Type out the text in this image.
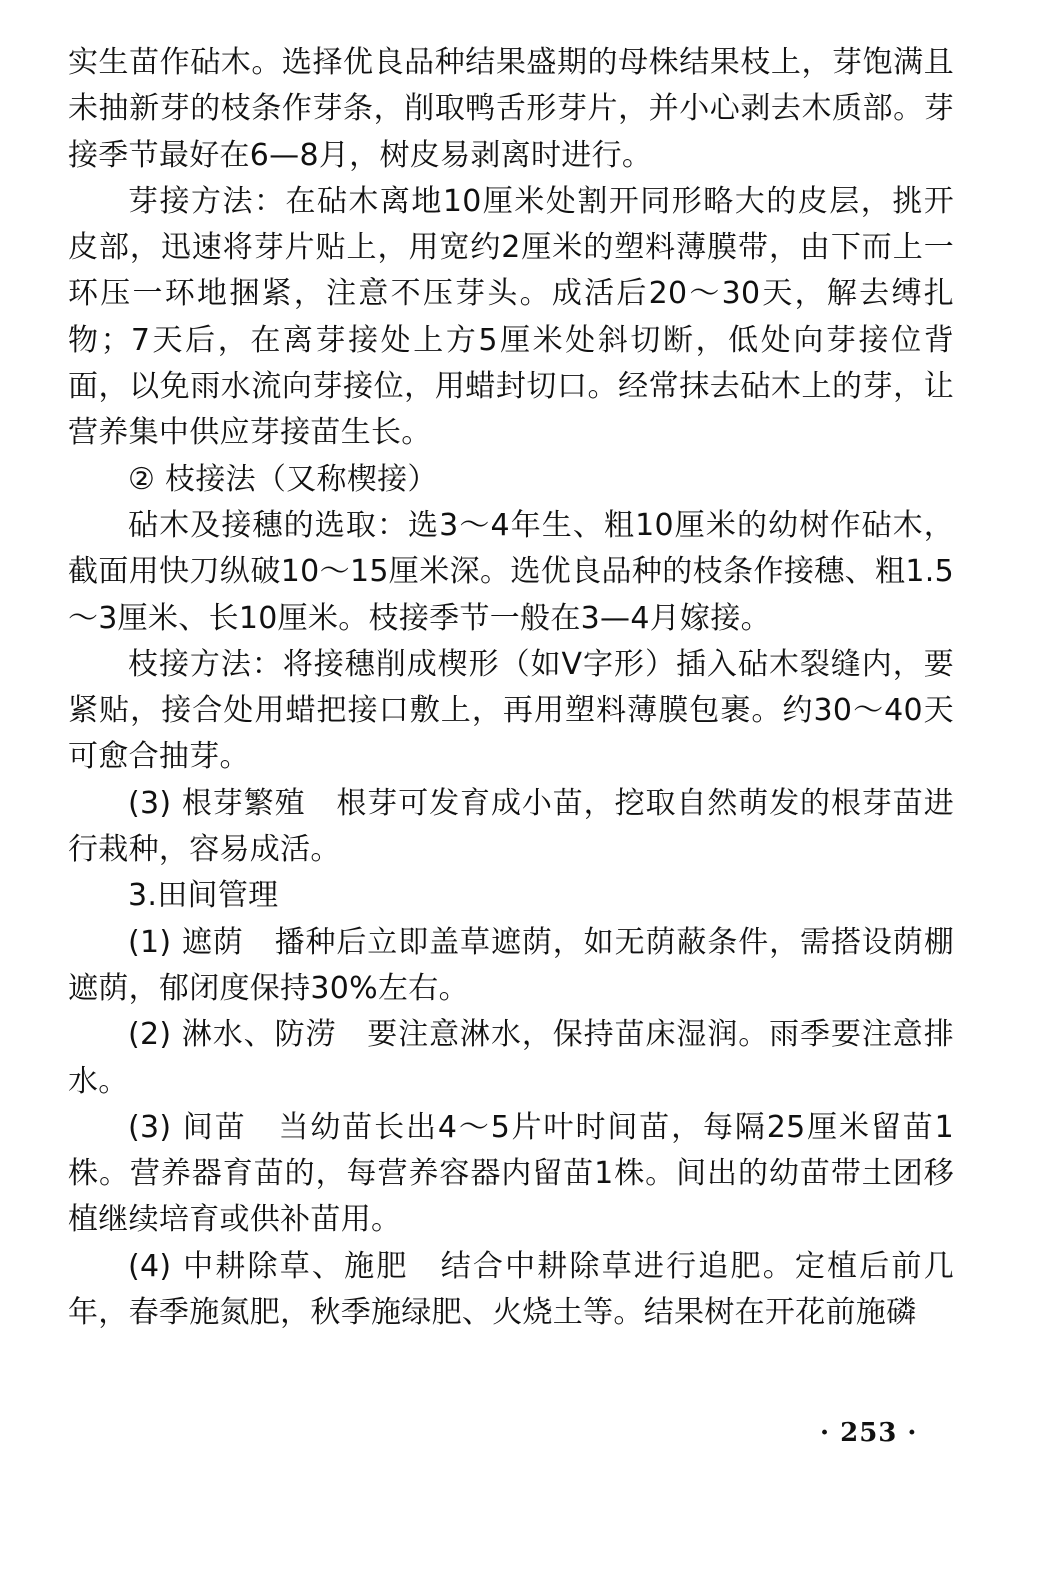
实生苗作砧木。选择优良品种结果盛期的母株结果枝上，芽饱满且未抽新芽的枝条作芽条，削取鸭舌形芽片，并小心剥去木质部。芽接季节最好在6—8月，树皮易剥离时进行。

芽接方法：在砧木离地10厘米处割开同形略大的皮层，挑开皮部，迅速将芽片贴上，用宽约2厘米的塑料薄膜带，由下而上一环压一环地捆紧，注意不压芽头。成活后20～30天，解去缚扎物；7天后，在离芽接处上方5厘米处斜切断，低处向芽接位背面，以免雨水流向芽接位，用蜡封切口。经常抹去砧木上的芽，让营养集中供应芽接苗生长。

② 枝接法（又称楔接）

砧木及接穗的选取：选3～4年生、粗10厘米的幼树作砧木，截面用快刀纵破10～15厘米深。选优良品种的枝条作接穗、粗1.5～3厘米、长10厘米。枝接季节一般在3—4月嫁接。

枝接方法：将接穗削成楔形（如V字形）插入砧木裂缝内，要紧贴，接合处用蜡把接口敷上，再用塑料薄膜包裹。约30～40天可愈合抽芽。

(3) 根芽繁殖　根芽可发育成小苗，挖取自然萌发的根芽苗进行栽种，容易成活。

3.田间管理

(1) 遮荫　播种后立即盖草遮荫，如无荫蔽条件，需搭设荫棚遮荫，郁闭度保持30%左右。

(2) 淋水、防涝　要注意淋水，保持苗床湿润。雨季要注意排水。

(3) 间苗　当幼苗长出4～5片叶时间苗，每隔25厘米留苗1株。营养器育苗的，每营养容器内留苗1株。间出的幼苗带土团移植继续培育或供补苗用。

(4) 中耕除草、施肥　结合中耕除草进行追肥。定植后前几年，春季施氮肥，秋季施绿肥、火烧土等。结果树在开花前施磷

· 253 ·
